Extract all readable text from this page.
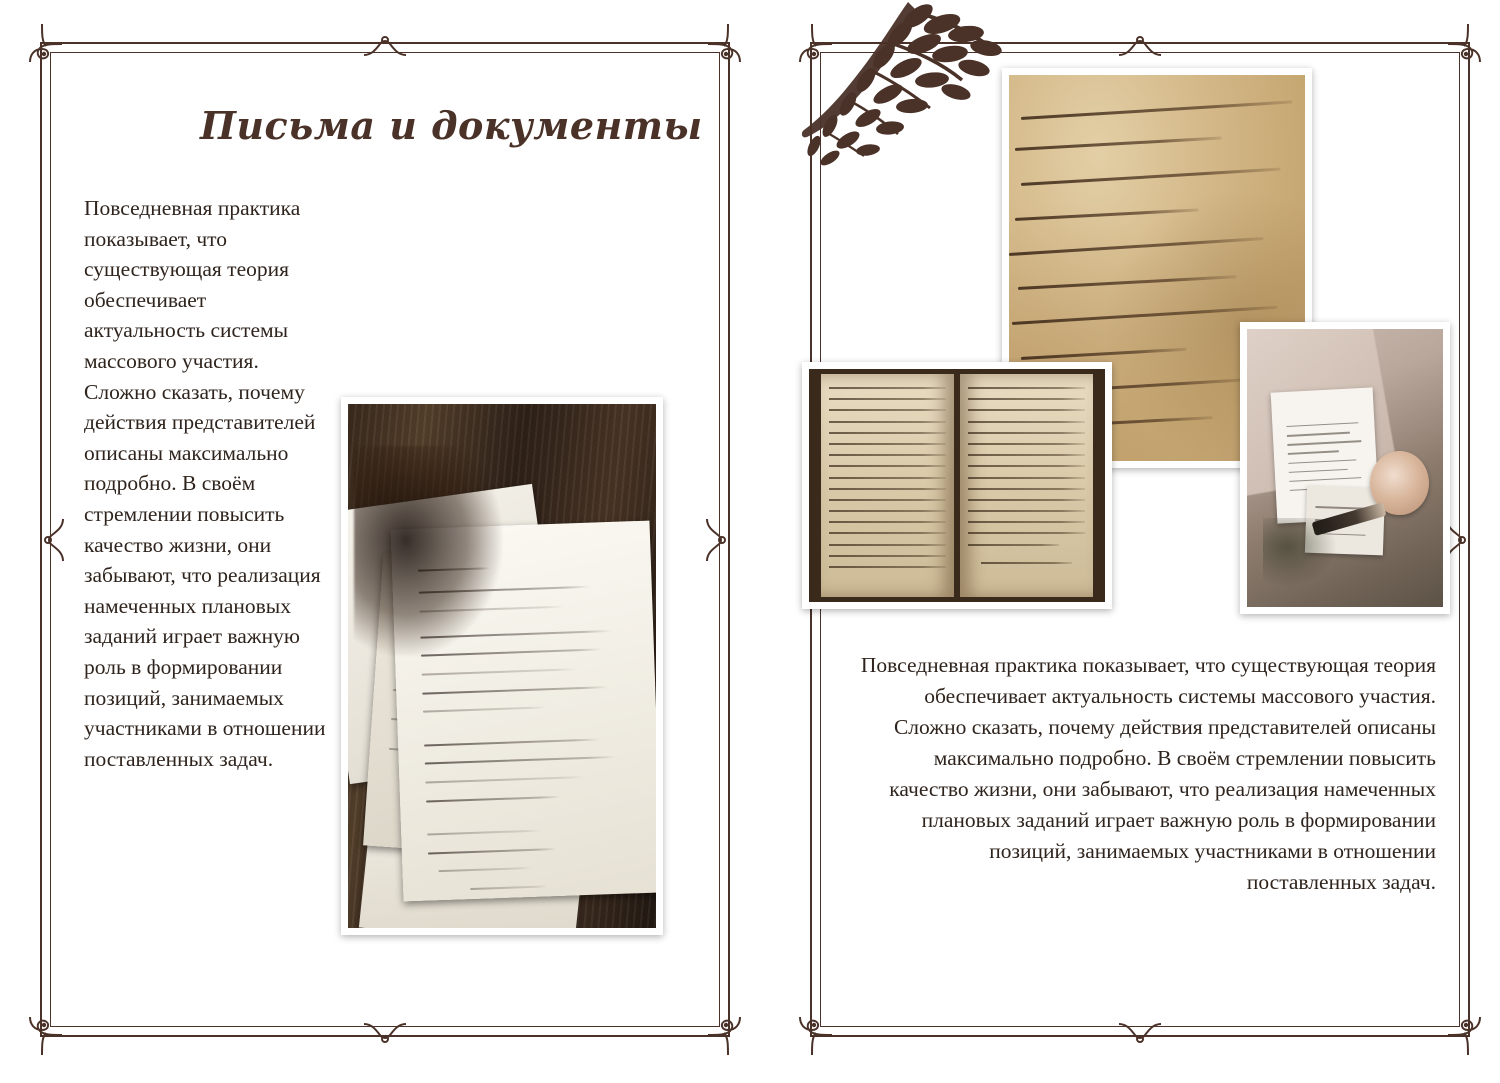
Письма и документы
Повседневная практика показывает, что существующая теория обеспечивает актуальность системы массового участия. Сложно сказать, почему действия представителей описаны максимально подробно. В своём стремлении повысить качество жизни, они забывают, что реализация намеченных плановых заданий играет важную роль в формировании позиций, занимаемых участниками в отношении поставленных задач.
Повседневная практика показывает, что существующая теория обеспечивает актуальность системы массового участия. Сложно сказать, почему действия представителей описаны максимально подробно. В своём стремлении повысить качество жизни, они забывают, что реализация намеченных плановых заданий играет важную роль в формировании позиций, занимаемых участниками в отношении поставленных задач.
